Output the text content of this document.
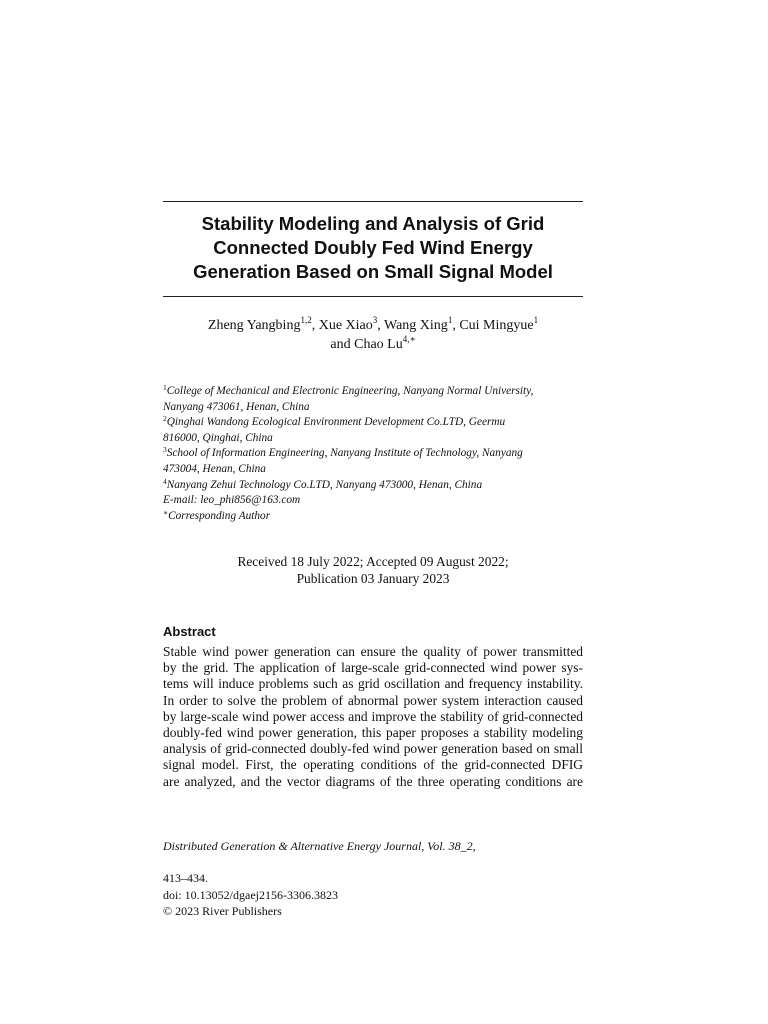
Stability Modeling and Analysis of Grid
Connected Doubly Fed Wind Energy
Generation Based on Small Signal Model
Zheng Yangbing$^{1,2}$, Xue Xiao$^3$, Wang Xing$^1$, Cui Mingyue$^1$
and Chao $Lu^{4,∗}$
$^1$College of Mechanical and Electronic Engineering, Nanyang Normal University,
Nanyang 473061, Henan, China
$^2$Qinghai Wandong Ecological Environment Development Co.LTD, Geermu
816000, Qinghai, China
$^3$School of Information Engineering, Nanyang Institute of Technology, Nanyang
473004, Henan, China
$^4$Nanyang Zehui Technology Co.LTD, Nanyang 473000, Henan, China
E-mail: leo_phi856@163.com
∗Corresponding Author
Received 18 July 2022; Accepted 09 August 2022;
Publication 03 January 2023
Abstract
Stable wind power generation can ensure the quality of power transmitted
by the grid. The application of large-scale grid-connected wind power sys-
tems will induce problems such as grid oscillation and frequency instability.
In order to solve the problem of abnormal power system interaction caused
by large-scale wind power access and improve the stability of grid-connected
doubly-fed wind power generation, this paper proposes a stability modeling
analysis of grid-connected doubly-fed wind power generation based on small
signal model. First, the operating conditions of the grid-connected DFIG
are analyzed, and the vector diagrams of the three operating conditions are
Distributed Generation & Alternative Energy Journal, Vol. 38_2,

413–434.
doi: 10.13052/dgaej2156-3306.3823
© 2023 River Publishers
